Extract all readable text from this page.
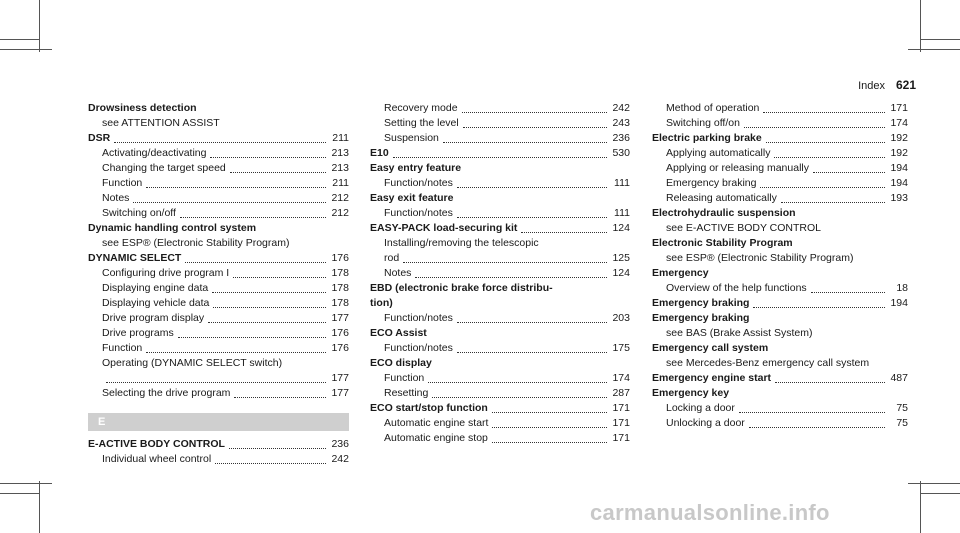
Index 621
Drowsiness detection
see ATTENTION ASSIST
DSR	211
Activating/deactivating	213
Changing the target speed	213
Function	211
Notes	212
Switching on/off	212
Dynamic handling control system
see ESP® (Electronic Stability Program)
DYNAMIC SELECT	176
Configuring drive program I	178
Displaying engine data	178
Displaying vehicle data	178
Drive program display	177
Drive programs	176
Function	176
Operating (DYNAMIC SELECT switch)
177
Selecting the drive program	177
E
E-ACTIVE BODY CONTROL	236
Individual wheel control	242
Recovery mode	242
Setting the level	243
Suspension	236
E10	530
Easy entry feature
Function/notes	111
Easy exit feature
Function/notes	111
EASY-PACK load-securing kit	124
Installing/removing the telescopic
rod	125
Notes	124
EBD (electronic brake force distribu-
tion)
Function/notes	203
ECO Assist
Function/notes	175
ECO display
Function	174
Resetting	287
ECO start/stop function	171
Automatic engine start	171
Automatic engine stop	171
Method of operation	171
Switching off/on	174
Electric parking brake	192
Applying automatically	192
Applying or releasing manually	194
Emergency braking	194
Releasing automatically	193
Electrohydraulic suspension
see E-ACTIVE BODY CONTROL
Electronic Stability Program
see ESP® (Electronic Stability Program)
Emergency
Overview of the help functions	18
Emergency braking	194
Emergency braking
see BAS (Brake Assist System)
Emergency call system
see Mercedes-Benz emergency call system
Emergency engine start	487
Emergency key
Locking a door	75
Unlocking a door	75
carmanualsonline.info
